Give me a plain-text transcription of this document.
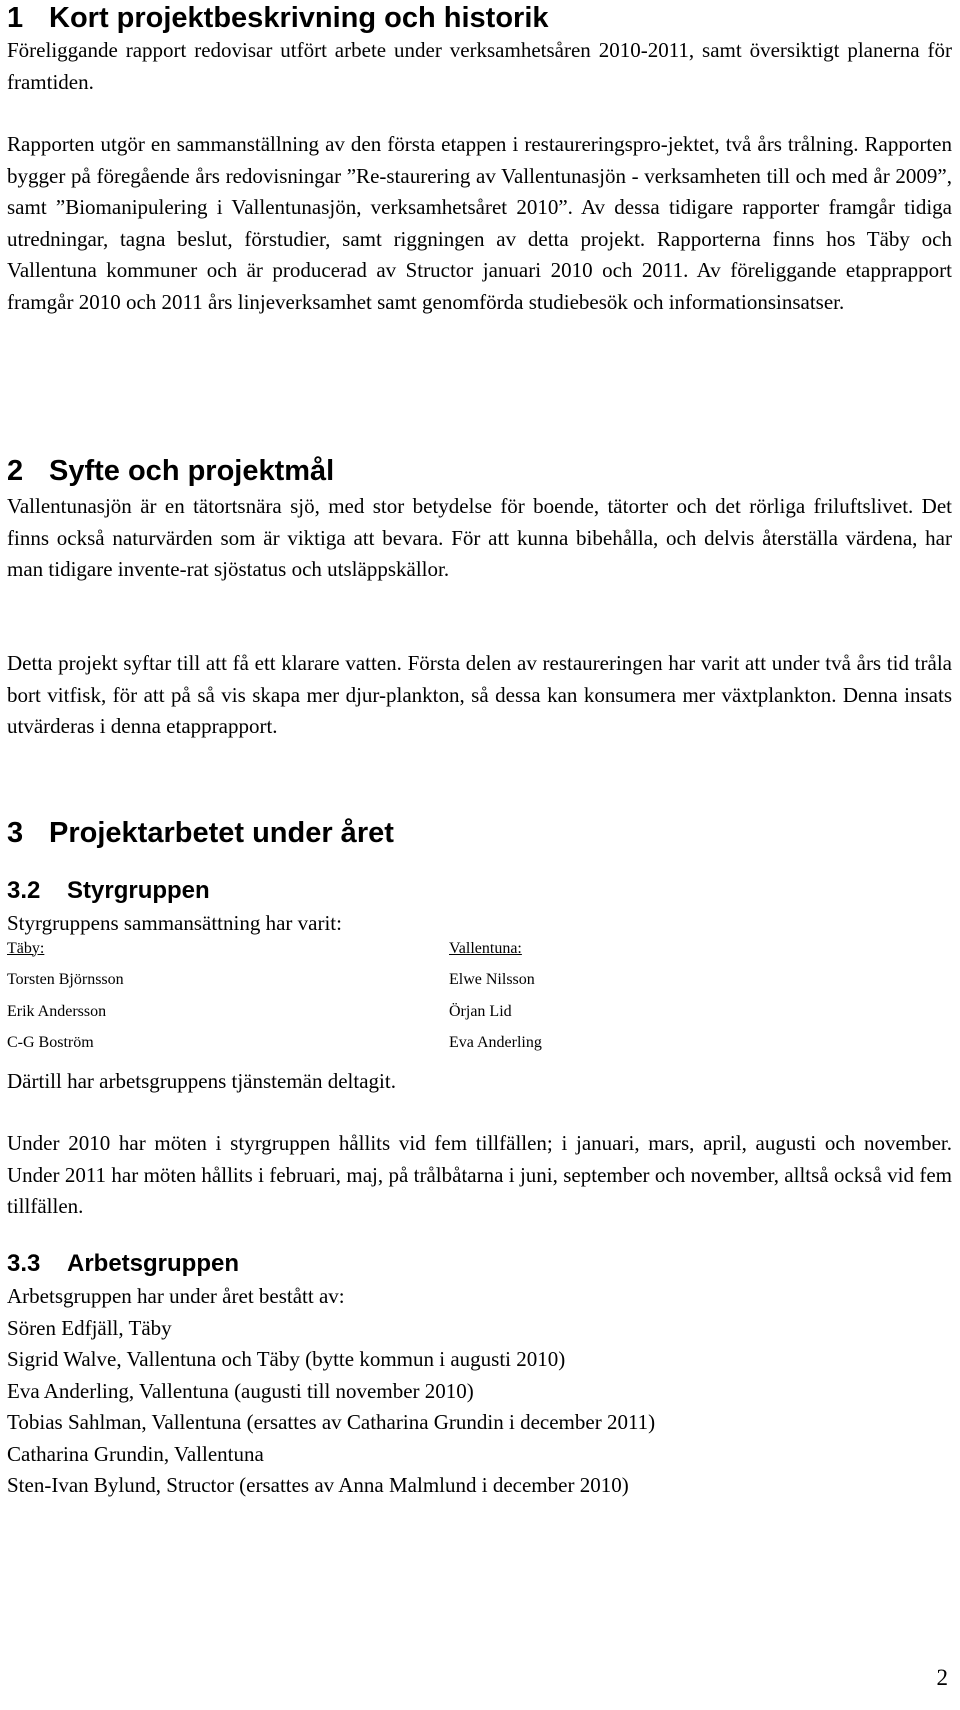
1 Kort projektbeskrivning och historik

Föreliggande rapport redovisar utfört arbete under verksamhetsåren 2010-2011, samt översiktigt planerna för framtiden.

Rapporten utgör en sammanställning av den första etappen i restaureringspro-jektet, två års trålning. Rapporten bygger på föregående års redovisningar ”Re-staurering av Vallentunasjön - verksamheten till och med år 2009”, samt ”Biomanipulering i Vallentunasjön, verksamhetsåret 2010”. Av dessa tidigare rapporter framgår tidiga utredningar, tagna beslut, förstudier, samt riggningen av detta projekt. Rapporterna finns hos Täby och Vallentuna kommuner och är producerad av Structor januari 2010 och 2011. Av föreliggande etapprapport framgår 2010 och 2011 års linjeverksamhet samt genomförda studiebesök och informationsinsatser.

2 Syfte och projektmål

Vallentunasjön är en tätortsnära sjö, med stor betydelse för boende, tätorter och det rörliga friluftslivet. Det finns också naturvärden som är viktiga att bevara. För att kunna bibehålla, och delvis återställa värdena, har man tidigare invente-rat sjöstatus och utsläppskällor.

Detta projekt syftar till att få ett klarare vatten. Första delen av restaureringen har varit att under två års tid tråla bort vitfisk, för att på så vis skapa mer djur-plankton, så dessa kan konsumera mer växtplankton. Denna insats utvärderas i denna etapprapport.

3 Projektarbetet under året
3.2 Styrgruppen
Styrgruppens sammansättning har varit:
Täby:	Vallentuna:
Torsten Björnsson	Elwe Nilsson
Erik Andersson	Örjan Lid
C-G Boström	Eva Anderling
Därtill har arbetsgruppens tjänstemän deltagit.

Under 2010 har möten i styrgruppen hållits vid fem tillfällen; i januari, mars, april, augusti och november. Under 2011 har möten hållits i februari, maj, på trålbåtarna i juni, september och november, alltså också vid fem tillfällen.

3.3 Arbetsgruppen
Arbetsgruppen har under året bestått av:
Sören Edfjäll, Täby
Sigrid Walve, Vallentuna och Täby (bytte kommun i augusti 2010)
Eva Anderling, Vallentuna (augusti till november 2010)
Tobias Sahlman, Vallentuna (ersattes av Catharina Grundin i december 2011)
Catharina Grundin, Vallentuna
Sten-Ivan Bylund, Structor (ersattes av Anna Malmlund i december 2010)
2
